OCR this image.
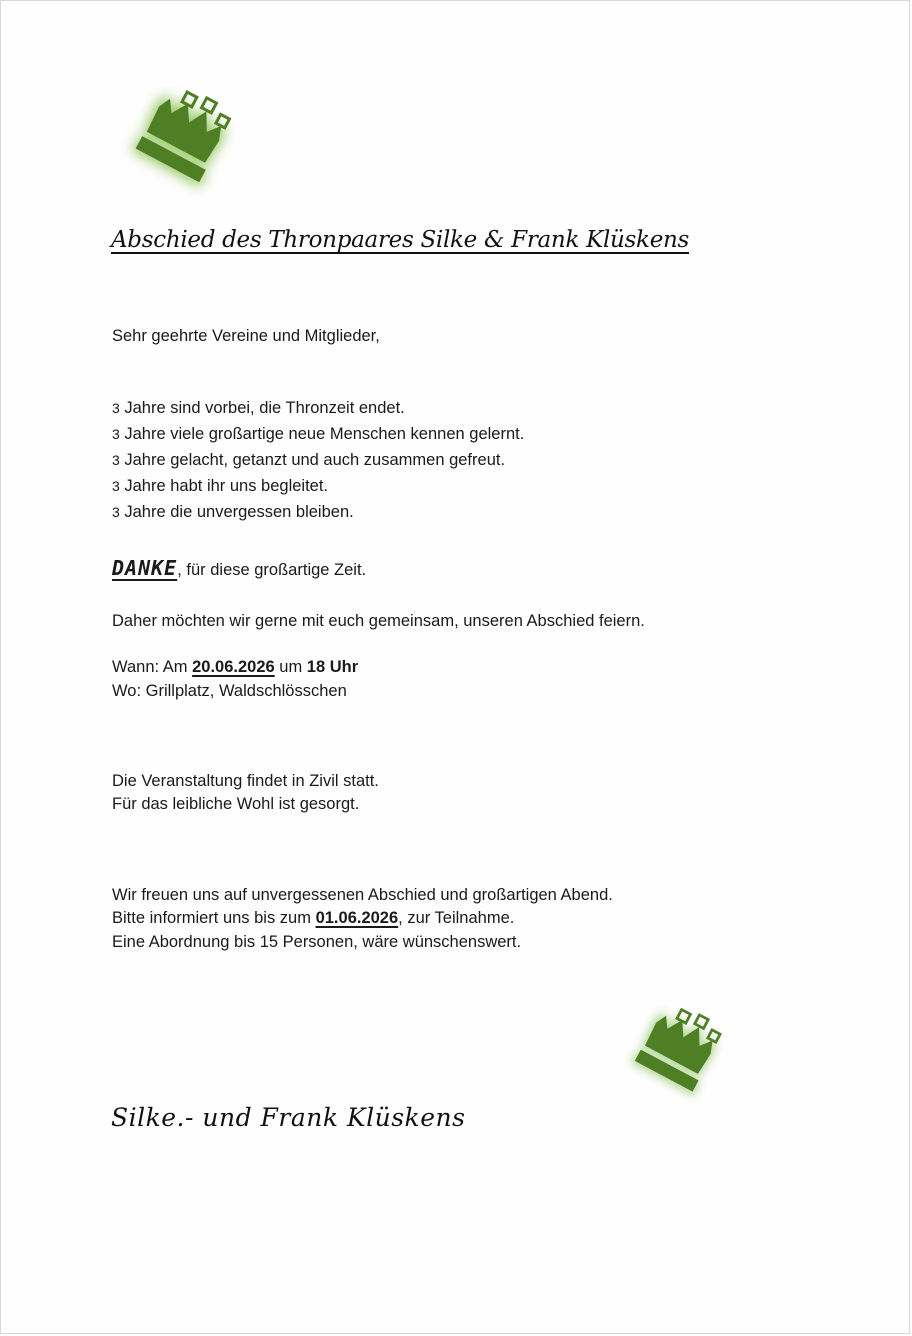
Abschied des Thronpaares Silke & Frank Klüskens
Sehr geehrte Vereine und Mitglieder,
3 Jahre sind vorbei, die Thronzeit endet.
3 Jahre viele großartige neue Menschen kennen gelernt.
3 Jahre gelacht, getanzt und auch zusammen gefreut.
3 Jahre habt ihr uns begleitet.
3 Jahre die unvergessen bleiben.
DANKE, für diese großartige Zeit.
Daher möchten wir gerne mit euch gemeinsam, unseren Abschied feiern.
Wann: Am 20.06.2026 um 18 Uhr
Wo: Grillplatz, Waldschlösschen
Die Veranstaltung findet in Zivil statt.
Für das leibliche Wohl ist gesorgt.
Wir freuen uns auf unvergessenen Abschied und großartigen Abend.
Bitte informiert uns bis zum 01.06.2026, zur Teilnahme.
Eine Abordnung bis 15 Personen, wäre wünschenswert.
Silke.- und Frank Klüskens
